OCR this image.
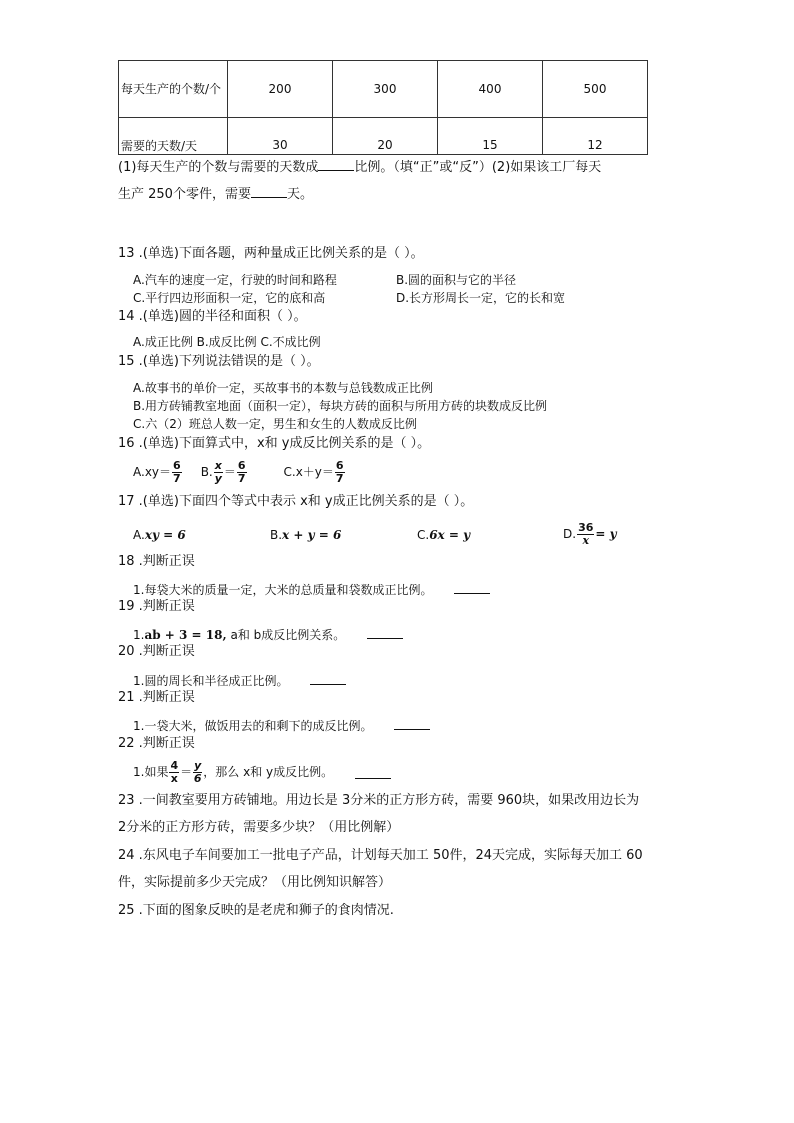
每天生产的个数/个	200	300	400	500
需要的天数/天	30	20	15	12
(1)每天生产的个数与需要的天数成	比例。（填“正”或“反”）(2)如果该工厂每天
生产 250个零件，需要	天。
13 .(单选)下面各题，两种量成正比例关系的是（ ）。
A.汽车的速度一定，行驶的时间和路程	B.圆的面积与它的半径
C.平行四边形面积一定，它的底和高	D.长方形周长一定，它的长和宽
14 .(单选)圆的半径和面积（ ）。
A.成正比例 B.成反比例 C.不成比例
15 .(单选)下列说法错误的是（ ）。
A.故事书的单价一定，买故事书的本数与总钱数成正比例
B.用方砖铺教室地面（面积一定），每块方砖的面积与所用方砖的块数成反比例
C.六（2）班总人数一定，男生和女生的人数成反比例
16 .(单选)下面算式中，x和 y成反比例关系的是（ ）。
$A.xy= \frac{6}{7} B$. $\frac{x}{y} = \frac{6}{7}$	$C.x+y= \frac{6}{7}$
17 .(单选)下面四个等式中表示 x和 y成正比例关系的是（ ）。
A.xy = 6	B.x + y = 6	C.6x = y	D. $\frac{36}{x} = y$
18 .判断正误
1.每袋大米的质量一定，大米的总质量和袋数成正比例。
19 .判断正误
1.ab + 3 = 18, a和 b成反比例关系。
20 .判断正误
1.圆的周长和半径成正比例。
21 .判断正误
1.一袋大米，做饭用去的和剩下的成反比例。
22 .判断正误
1.如果 $\frac{4}{x} = \frac{y}{6}$ ，那么 x和 y成反比例。
23 .一间教室要用方砖铺地。用边长是 3分米的正方形方砖，需要 960块，如果改用边长为
2分米的正方形方砖，需要多少块？（用比例解）
24 .东风电子车间要加工一批电子产品，计划每天加工 50件，24天完成，实际每天加工 60
件，实际提前多少天完成？（用比例知识解答）
25 .下面的图象反映的是老虎和狮子的食肉情况.
